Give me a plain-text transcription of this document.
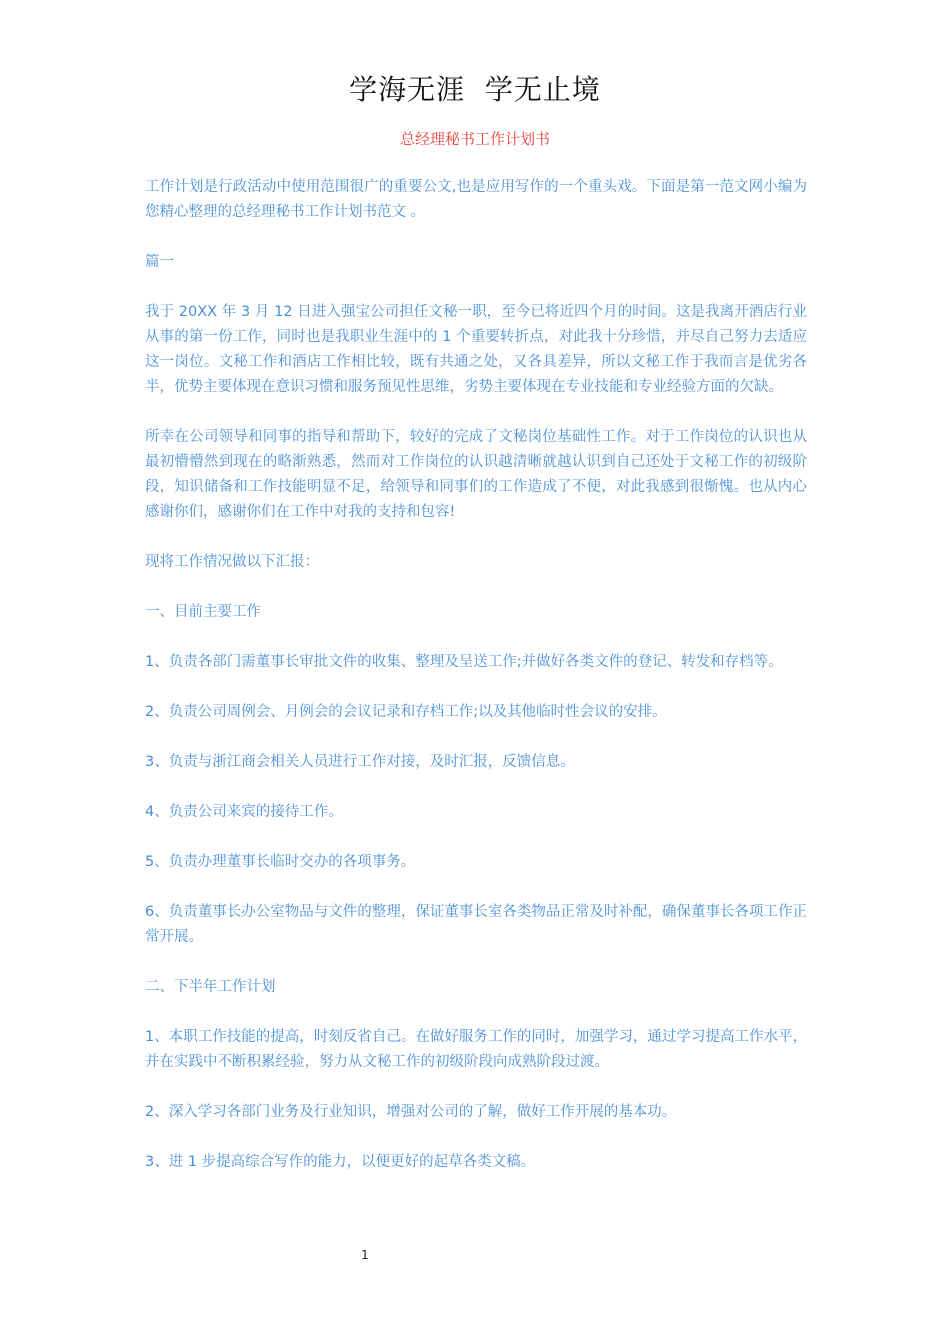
学海无涯  学无止境
总经理秘书工作计划书

工作计划是行政活动中使用范围很广的重要公文,也是应用写作的一个重头戏。下面是第一范文网小编为您精心整理的总经理秘书工作计划书范文 。

篇一

我于 20XX 年 3 月 12 日进入强宝公司担任文秘一职，至今已将近四个月的时间。这是我离开酒店行业从事的第一份工作，同时也是我职业生涯中的 1 个重要转折点，对此我十分珍惜，并尽自己努力去适应这一岗位。文秘工作和酒店工作相比较，既有共通之处，又各具差异，所以文秘工作于我而言是优劣各半，优势主要体现在意识习惯和服务预见性思维，劣势主要体现在专业技能和专业经验方面的欠缺。

所幸在公司领导和同事的指导和帮助下，较好的完成了文秘岗位基础性工作。对于工作岗位的认识也从最初懵懵然到现在的略渐熟悉，然而对工作岗位的认识越清晰就越认识到自己还处于文秘工作的初级阶段，知识储备和工作技能明显不足，给领导和同事们的工作造成了不便，对此我感到很惭愧。也从内心感谢你们，感谢你们在工作中对我的支持和包容!

现将工作情况做以下汇报：

一、目前主要工作

1、负责各部门需董事长审批文件的收集、整理及呈送工作;并做好各类文件的登记、转发和存档等。

2、负责公司周例会、月例会的会议记录和存档工作;以及其他临时性会议的安排。

3、负责与浙江商会相关人员进行工作对接，及时汇报，反馈信息。

4、负责公司来宾的接待工作。

5、负责办理董事长临时交办的各项事务。

6、负责董事长办公室物品与文件的整理，保证董事长室各类物品正常及时补配，确保董事长各项工作正常开展。

二、下半年工作计划

1、本职工作技能的提高，时刻反省自己。在做好服务工作的同时，加强学习，通过学习提高工作水平，并在实践中不断积累经验，努力从文秘工作的初级阶段向成熟阶段过渡。

2、深入学习各部门业务及行业知识，增强对公司的了解，做好工作开展的基本功。

3、进 1 步提高综合写作的能力，以便更好的起草各类文稿。

1
